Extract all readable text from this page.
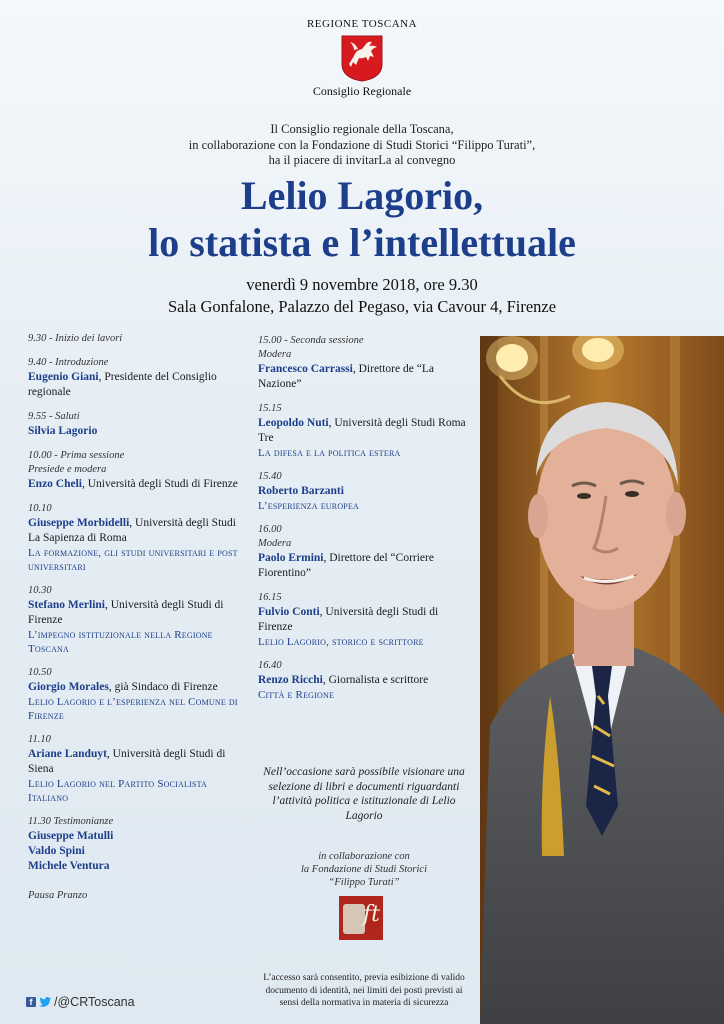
REGIONE TOSCANA
Consiglio Regionale
Il Consiglio regionale della Toscana,
in collaborazione con la Fondazione di Studi Storici “Filippo Turati”,
ha il piacere di invitarLa al convegno
Lelio Lagorio,
lo statista e l’intellettuale
venerdì 9 novembre 2018, ore 9.30
Sala Gonfalone, Palazzo del Pegaso, via Cavour 4, Firenze
9.30 - Inizio dei lavori
9.40 - Introduzione
Eugenio Giani, Presidente del Consiglio regionale
9.55 - Saluti
Silvia Lagorio
10.00 - Prima sessione
Presiede e modera
Enzo Cheli, Università degli Studi di Firenze
10.10
Giuseppe Morbidelli, Università degli Studi La Sapienza di Roma
La formazione, gli studi universitari e post universitari
10.30
Stefano Merlini, Università degli Studi di Firenze
L’impegno istituzionale nella Regione Toscana
10.50
Giorgio Morales, già Sindaco di Firenze
Lelio Lagorio e l’esperienza nel Comune di Firenze
11.10
Ariane Landuyt, Università degli Studi di Siena
Lelio Lagorio nel Partito Socialista Italiano
11.30 Testimonianze
Giuseppe Matulli
Valdo Spini
Michele Ventura
Pausa Pranzo
15.00 - Seconda sessione
Modera
Francesco Carrassi, Direttore de “La Nazione”
15.15
Leopoldo Nuti, Università degli Studi Roma Tre
La difesa e la politica estera
15.40
Roberto Barzanti
L’esperienza europea
16.00
Modera
Paolo Ermini, Direttore del “Corriere Fiorentino”
16.15
Fulvio Conti, Università degli Studi di Firenze
Lelio Lagorio, storico e scrittore
16.40
Renzo Ricchi, Giornalista e scrittore
Città e Regione
Nell’occasione sarà possibile visionare una selezione di libri e documenti riguardanti l’attività politica e istituzionale di Lelio Lagorio
in collaborazione con
la Fondazione di Studi Storici
“Filippo Turati”
ft
L’accesso sarà consentito, previa esibizione di valido documento di identità, nei limiti dei posti previsti ai sensi della normativa in materia di sicurezza
f /@CRToscana
